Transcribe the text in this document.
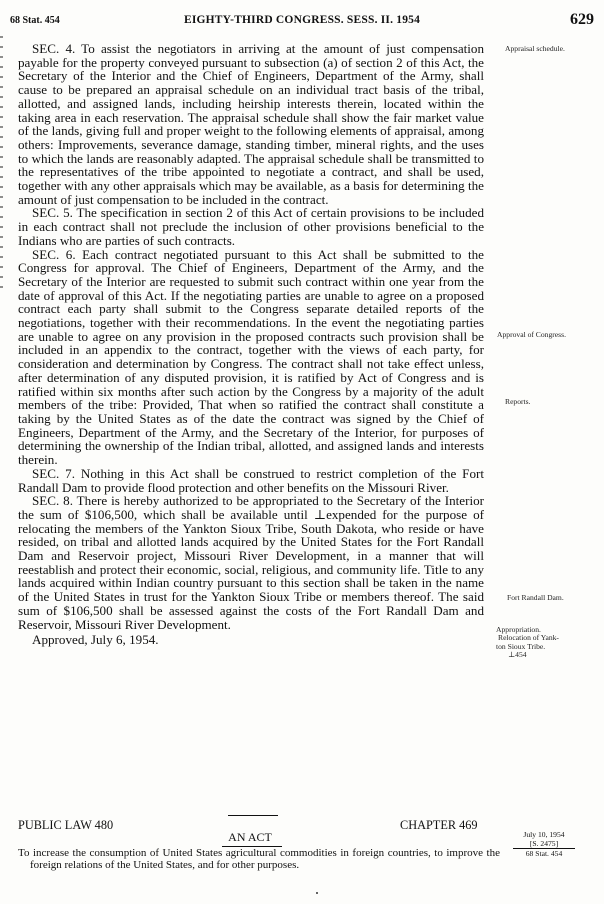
68 Stat. 454	EIGHTY-THIRD CONGRESS. SESS. II. 1954	629

SEC. 4. To assist the negotiators in arriving at the amount of just compensation payable for the property conveyed pursuant to subsection (a) of section 2 of this Act, the Secretary of the Interior and the Chief of Engineers, Department of the Army, shall cause to be prepared an appraisal schedule on an individual tract basis of the tribal, allotted, and assigned lands, including heirship interests therein, located within the taking area in each reservation. The appraisal schedule shall show the fair market value of the lands, giving full and proper weight to the following elements of appraisal, among others: Improvements, severance damage, standing timber, mineral rights, and the uses to which the lands are reasonably adapted. The appraisal schedule shall be transmitted to the representatives of the tribe appointed to negotiate a contract, and shall be used, together with any other appraisals which may be available, as a basis for determining the amount of just compensation to be included in the contract.

SEC. 5. The specification in section 2 of this Act of certain provisions to be included in each contract shall not preclude the inclusion of other provisions beneficial to the Indians who are parties of such contracts.

SEC. 6. Each contract negotiated pursuant to this Act shall be submitted to the Congress for approval. The Chief of Engineers, Department of the Army, and the Secretary of the Interior are requested to submit such contract within one year from the date of approval of this Act. If the negotiating parties are unable to agree on a proposed contract each party shall submit to the Congress separate detailed reports of the negotiations, together with their recommendations. In the event the negotiating parties are unable to agree on any provision in the proposed contracts such provision shall be included in an appendix to the contract, together with the views of each party, for consideration and determination by Congress. The contract shall not take effect unless, after determination of any disputed provision, it is ratified by Act of Congress and is ratified within six months after such action by the Congress by a majority of the adult members of the tribe: Provided, That when so ratified the contract shall constitute a taking by the United States as of the date the contract was signed by the Chief of Engineers, Department of the Army, and the Secretary of the Interior, for purposes of determining the ownership of the Indian tribal, allotted, and assigned lands and interests therein.

SEC. 7. Nothing in this Act shall be construed to restrict completion of the Fort Randall Dam to provide flood protection and other benefits on the Missouri River.

SEC. 8. There is hereby authorized to be appropriated to the Secretary of the Interior the sum of $106,500, which shall be available until ⊥expended for the purpose of relocating the members of the Yankton Sioux Tribe, South Dakota, who reside or have resided, on tribal and allotted lands acquired by the United States for the Fort Randall Dam and Reservoir project, Missouri River Development, in a manner that will reestablish and protect their economic, social, religious, and community life. Title to any lands acquired within Indian country pursuant to this section shall be taken in the name of the United States in trust for the Yankton Sioux Tribe or members thereof. The said sum of $106,500 shall be assessed against the costs of the Fort Randall Dam and Reservoir, Missouri River Development.

Approved, July 6, 1954.

Appraisal schedule.
Approval of Congress.
Reports.
Fort Randall Dam.
Appropriation.
Relocation of Yank-
ton Sioux Tribe.
⊥454
PUBLIC LAW 480	CHAPTER 469
AN ACT	July 10, 1954
[S. 2475]
68 Stat. 454
To increase the consumption of United States agricultural commodities in foreign countries, to improve the foreign relations of the United States, and for other purposes.
